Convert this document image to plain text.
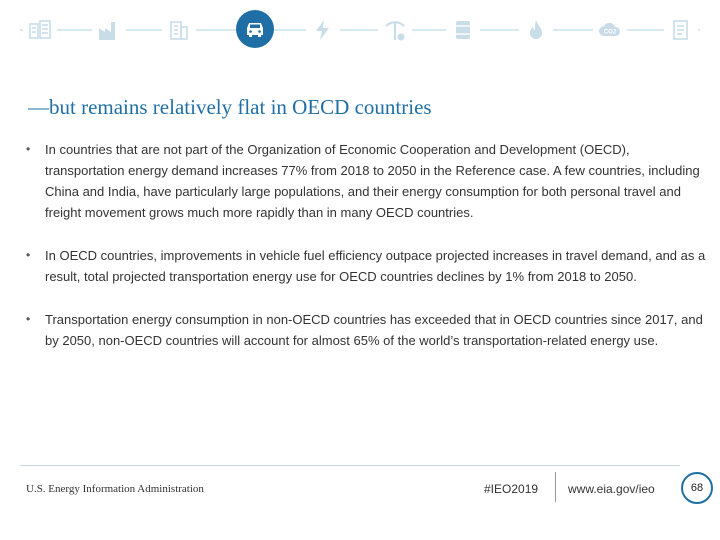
CO2
—but remains relatively flat in OECD countries
• In countries that are not part of the Organization of Economic Cooperation and Development (OECD), transportation energy demand increases 77% from 2018 to 2050 in the Reference case. A few countries, including China and India, have particularly large populations, and their energy consumption for both personal travel and freight movement grows much more rapidly than in many OECD countries.
• In OECD countries, improvements in vehicle fuel efficiency outpace projected increases in travel demand, and as a result, total projected transportation energy use for OECD countries declines by 1% from 2018 to 2050.
• Transportation energy consumption in non-OECD countries has exceeded that in OECD countries since 2017, and by 2050, non-OECD countries will account for almost 65% of the world’s transportation-related energy use.
U.S. Energy Information Administration	#IEO2019 www.eia.gov/ieo	68
